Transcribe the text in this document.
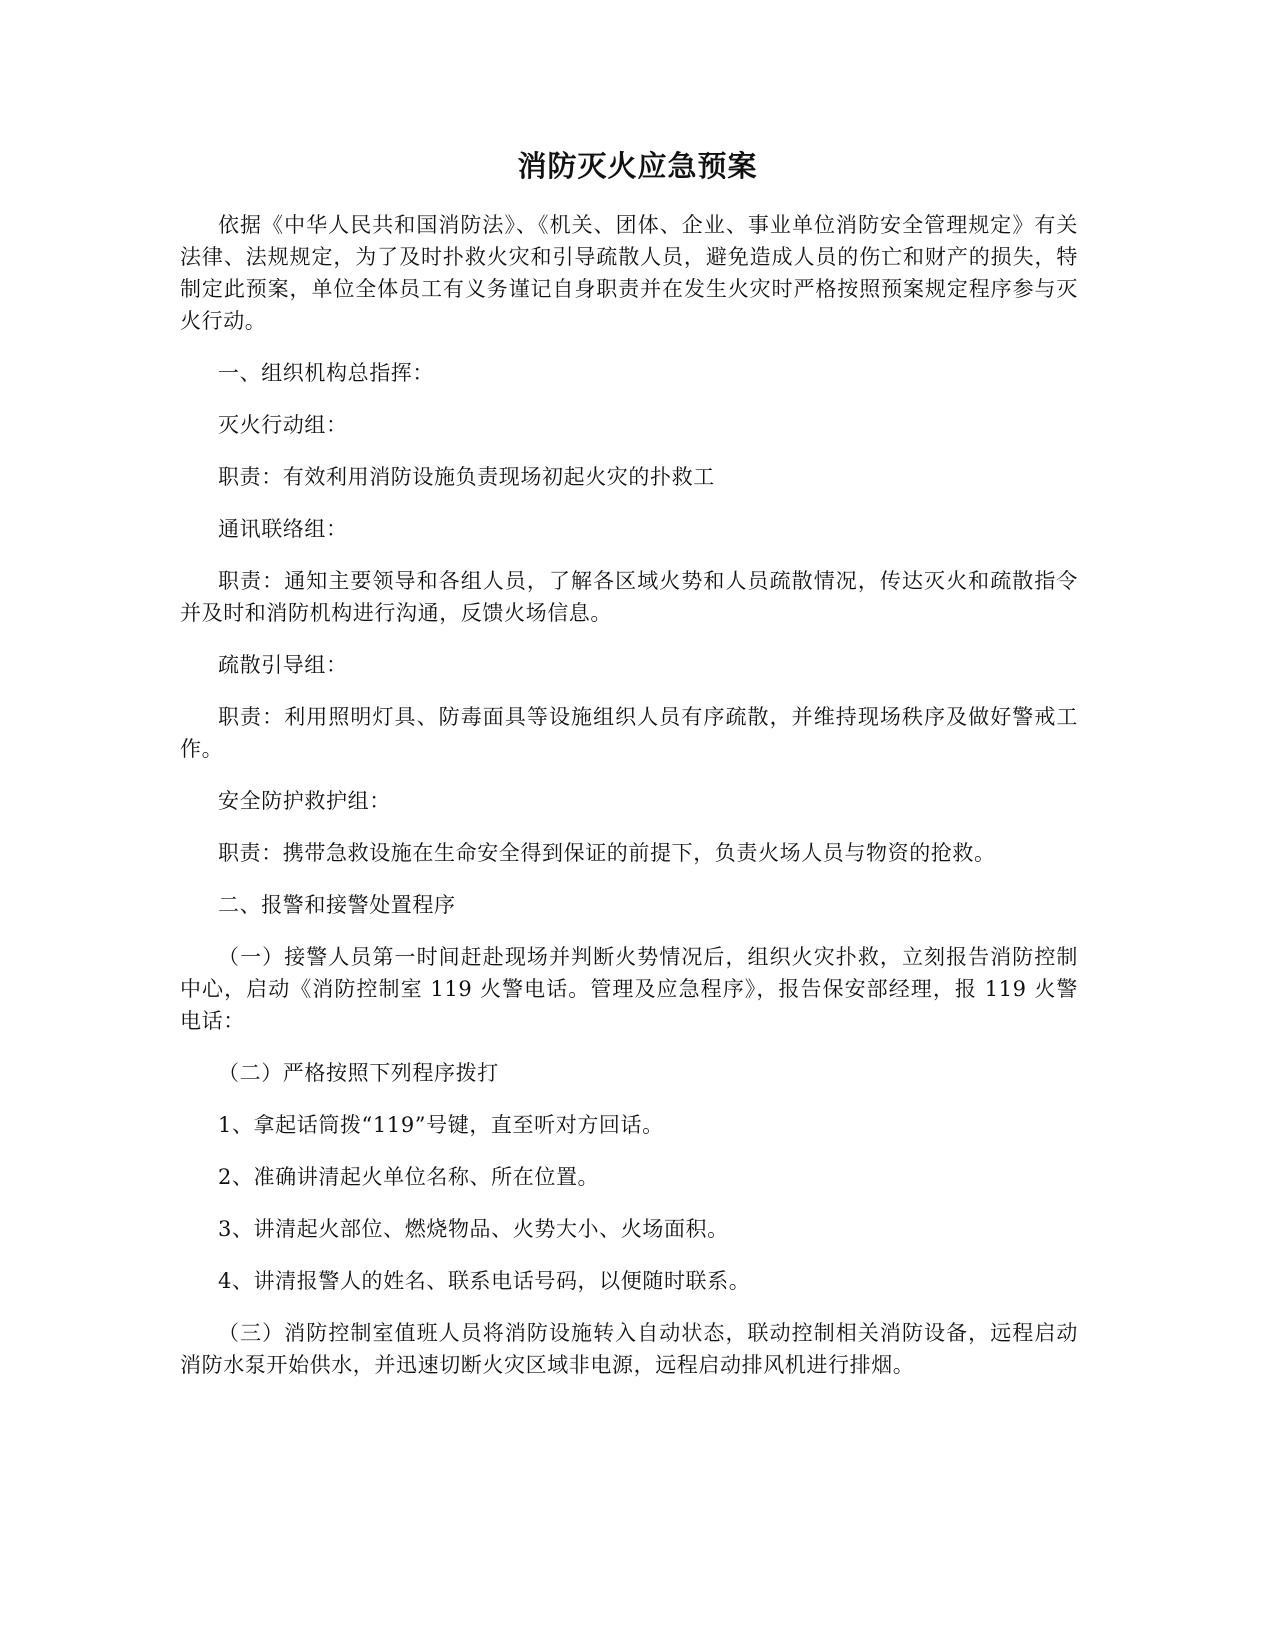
消防灭火应急预案

依据《中华人民共和国消防法》、《机关、团体、企业、事业单位消防安全管理规定》有关法律、法规规定，为了及时扑救火灾和引导疏散人员，避免造成人员的伤亡和财产的损失，特制定此预案，单位全体员工有义务谨记自身职责并在发生火灾时严格按照预案规定程序参与灭火行动。

一、组织机构总指挥：

灭火行动组：

职责：有效利用消防设施负责现场初起火灾的扑救工

通讯联络组：

职责：通知主要领导和各组人员，了解各区域火势和人员疏散情况，传达灭火和疏散指令并及时和消防机构进行沟通，反馈火场信息。

疏散引导组：

职责：利用照明灯具、防毒面具等设施组织人员有序疏散，并维持现场秩序及做好警戒工作。

安全防护救护组：

职责：携带急救设施在生命安全得到保证的前提下，负责火场人员与物资的抢救。

二、报警和接警处置程序

（一）接警人员第一时间赶赴现场并判断火势情况后，组织火灾扑救，立刻报告消防控制中心，启动《消防控制室 119 火警电话。管理及应急程序》，报告保安部经理，报 119 火警电话：

（二）严格按照下列程序拨打

1、拿起话筒拨“119”号键，直至听对方回话。

2、准确讲清起火单位名称、所在位置。

3、讲清起火部位、燃烧物品、火势大小、火场面积。

4、讲清报警人的姓名、联系电话号码，以便随时联系。

（三）消防控制室值班人员将消防设施转入自动状态，联动控制相关消防设备，远程启动消防水泵开始供水，并迅速切断火灾区域非电源，远程启动排风机进行排烟。
